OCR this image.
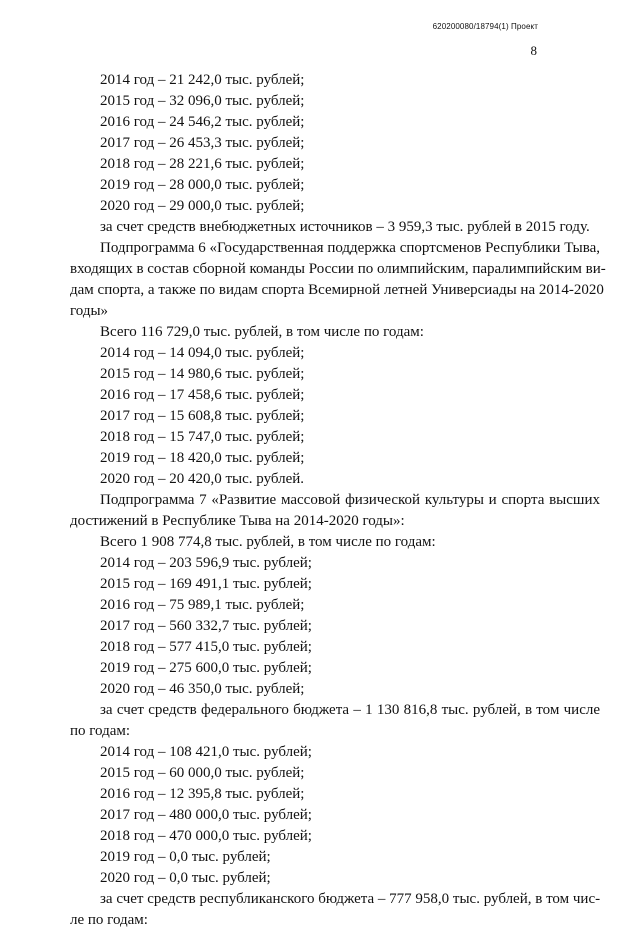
620200080/18794(1) Проект
8
2014 год – 21 242,0 тыс. рублей;
2015 год – 32 096,0 тыс. рублей;
2016 год – 24 546,2 тыс. рублей;
2017 год – 26 453,3 тыс. рублей;
2018 год – 28 221,6 тыс. рублей;
2019 год – 28 000,0 тыс. рублей;
2020 год – 29 000,0 тыс. рублей;
за счет средств внебюджетных источников – 3 959,3 тыс. рублей в 2015 году.
Подпрограмма 6 «Государственная поддержка спортсменов Республики Тыва,
входящих в состав сборной команды России по олимпийским, паралимпийским ви-
дам спорта, а также по видам спорта Всемирной летней Универсиады на 2014-2020
годы»
Всего 116 729,0 тыс. рублей, в том числе по годам:
2014 год – 14 094,0 тыс. рублей;
2015 год – 14 980,6 тыс. рублей;
2016 год – 17 458,6 тыс. рублей;
2017 год – 15 608,8 тыс. рублей;
2018 год – 15 747,0 тыс. рублей;
2019 год – 18 420,0 тыс. рублей;
2020 год – 20 420,0 тыс. рублей.
Подпрограмма 7 «Развитие массовой физической культуры и спорта высших
достижений в Республике Тыва на 2014-2020 годы»:
Всего 1 908 774,8 тыс. рублей, в том числе по годам:
2014 год – 203 596,9 тыс. рублей;
2015 год – 169 491,1 тыс. рублей;
2016 год – 75 989,1 тыс. рублей;
2017 год – 560 332,7 тыс. рублей;
2018 год – 577 415,0 тыс. рублей;
2019 год – 275 600,0 тыс. рублей;
2020 год – 46 350,0 тыс. рублей;
за счет средств федерального бюджета – 1 130 816,8 тыс. рублей, в том числе
по годам:
2014 год – 108 421,0 тыс. рублей;
2015 год – 60 000,0 тыс. рублей;
2016 год – 12 395,8 тыс. рублей;
2017 год – 480 000,0 тыс. рублей;
2018 год – 470 000,0 тыс. рублей;
2019 год – 0,0 тыс. рублей;
2020 год – 0,0 тыс. рублей;
за счет средств республиканского бюджета – 777 958,0 тыс. рублей, в том чис-
ле по годам:
